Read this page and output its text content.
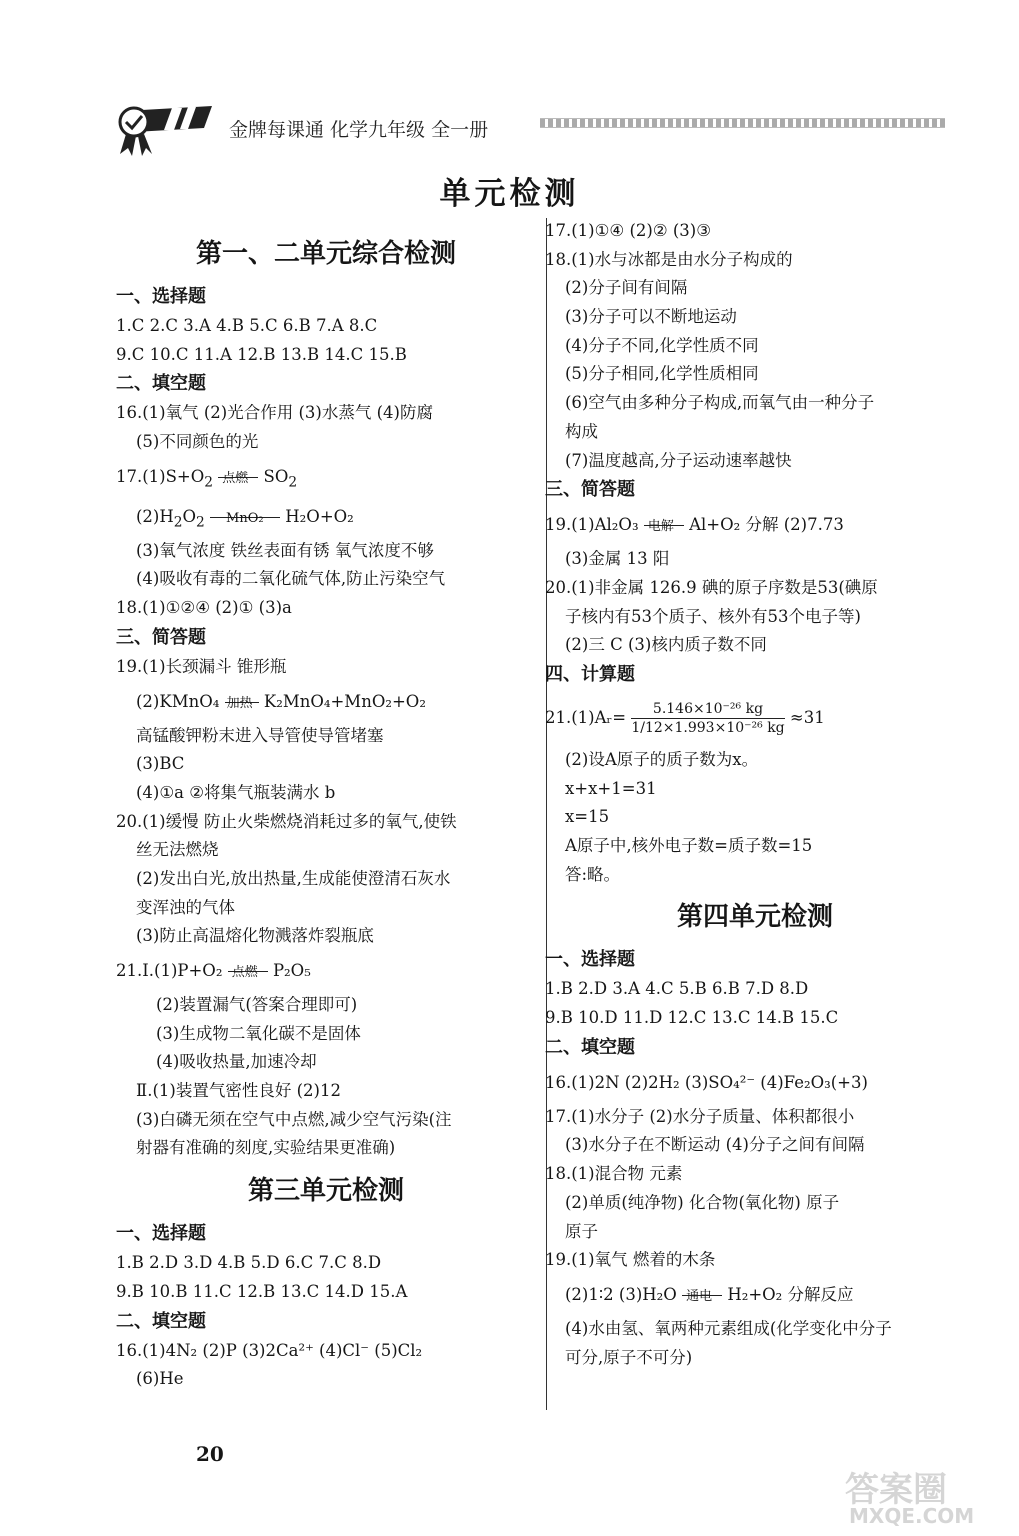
金牌每课通 化学九年级 全一册
单元检测
第一、二单元综合检测
一、选择题
1.C 2.C 3.A 4.B 5.C 6.B 7.A 8.C
9.C 10.C 11.A 12.B 13.B 14.C 15.B
二、填空题
16.(1)氧气 (2)光合作用 (3)水蒸气 (4)防腐
(5)不同颜色的光
$17.(1)S+O_2$ 点燃 $SO_2$
$(2)H_2O_2$ MnO₂ H₂O+O₂
(3)氧气浓度 铁丝表面有锈 氧气浓度不够
(4)吸收有毒的二氧化硫气体,防止污染空气
18.(1)①②④ (2)① (3)a
三、简答题
19.(1)长颈漏斗 锥形瓶
(2)KMnO₄ 加热 K₂MnO₄+MnO₂+O₂
高锰酸钾粉末进入导管使导管堵塞
(3)BC
(4)①a ②将集气瓶装满水 b
20.(1)缓慢 防止火柴燃烧消耗过多的氧气,使铁
丝无法燃烧
(2)发出白光,放出热量,生成能使澄清石灰水
变浑浊的气体
(3)防止高温熔化物溅落炸裂瓶底
21.Ⅰ.(1)P+O₂ 点燃 P₂O₅
(2)装置漏气(答案合理即可)
(3)生成物二氧化碳不是固体
(4)吸收热量,加速冷却
Ⅱ.(1)装置气密性良好 (2)12
(3)白磷无须在空气中点燃,减少空气污染(注
射器有准确的刻度,实验结果更准确)
第三单元检测
一、选择题
1.B 2.D 3.D 4.B 5.D 6.C 7.C 8.D
9.B 10.B 11.C 12.B 13.C 14.D 15.A
二、填空题
16.(1)4N₂ (2)P (3)2Ca²⁺ (4)Cl⁻ (5)Cl₂
(6)He
17.(1)①④ (2)② (3)③
18.(1)水与冰都是由水分子构成的
(2)分子间有间隔
(3)分子可以不断地运动
(4)分子不同,化学性质不同
(5)分子相同,化学性质相同
(6)空气由多种分子构成,而氧气由一种分子
构成
(7)温度越高,分子运动速率越快
三、简答题
19.(1)Al₂O₃ 电解 Al+O₂ 分解 (2)7.73
(3)金属 13 阳
20.(1)非金属 126.9 碘的原子序数是53(碘原
子核内有53个质子、核外有53个电子等)
(2)三 C (3)核内质子数不同
四、计算题
21.(1)Aᵣ= $\frac{\text{5.146×10⁻²⁶ kg}}{\text{1/12×1.993×10⁻²⁶ kg}} \approx 31$
(2)设A原子的质子数为x。
x+x+1=31
x=15
A原子中,核外电子数=质子数=15
答:略。
第四单元检测
一、选择题
1.B 2.D 3.A 4.C 5.B 6.B 7.D 8.D
9.B 10.D 11.D 12.C 13.C 14.B 15.C
二、填空题
16.(1)2N (2)2H₂ (3)SO₄²⁻ (4)Fe₂O₃(+3)
17.(1)水分子 (2)水分子质量、体积都很小
(3)水分子在不断运动 (4)分子之间有间隔
18.(1)混合物 元素
(2)单质(纯净物) 化合物(氧化物) 原子
原子
19.(1)氧气 燃着的木条
(2)1∶2 (3)H₂O 通电 H₂+O₂ 分解反应
(4)水由氢、氧两种元素组成(化学变化中分子
可分,原子不可分)
20
答案圈
MXQE.COM
